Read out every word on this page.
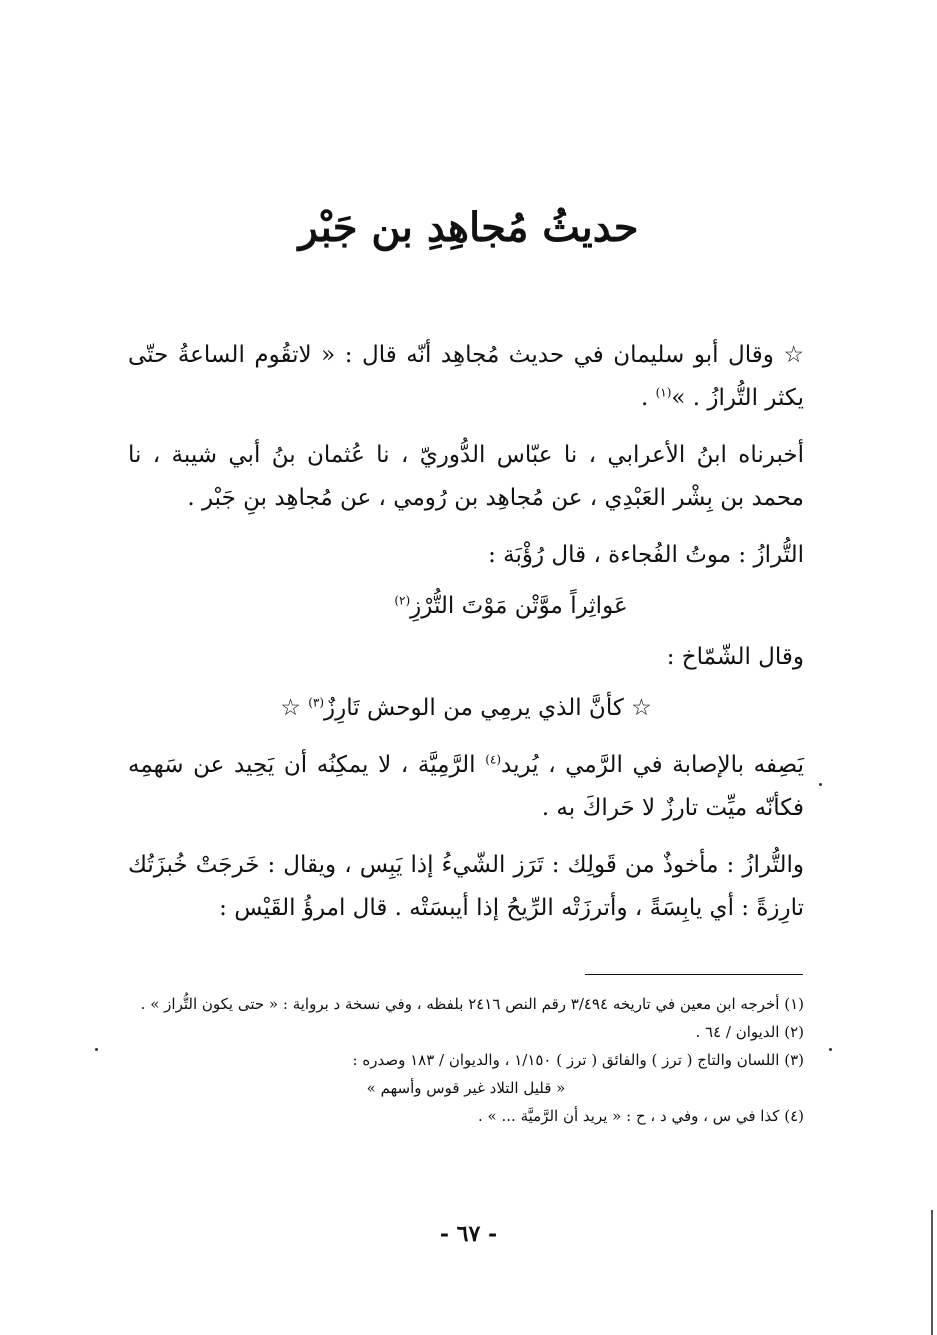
حديثُ مُجاهِدِ بن جَبْر

☆ وقال أبو سليمان في حديث مُجاهِد أنّه قال : « لاتقُوم الساعةُ حتّى يكثر التُّرازُ . »$^{(١)}$ .

أخبرناه ابنُ الأعرابي ، نا عبّاس الدُّوريّ ، نا عُثمان بنُ أبي شيبة ، نا محمد بن بِشْر العَبْدِي ، عن مُجاهِد بن رُومي ، عن مُجاهِد بنِ جَبْر .

التُّرازُ : موتُ الفُجاءة ، قال رُؤْبَة :

عَواثِراً موَّتْن مَوْتَ التُّرْزِ$^{(٢)}$

وقال الشّمّاخ :

☆ كأنَّ الذي يرمِي من الوحش تَارِزٌ$^{(٣)}$ ☆

يَصِفه بالإصابة في الرَّمي ، يُريد$^{(٤)}$ الرَّمِيَّة ، لا يمكِنُه أن يَحِيد عن سَهمِه فكأنّه ميِّت تارزٌ لا حَراكَ به .

والتُّرازُ : مأخوذٌ من قَولِك : تَرَز الشّيءُ إذا يَبِس ، ويقال : خَرجَتْ خُبزَتُك تارِزةً : أي يابِسَةً ، وأترزَتْه الرِّيحُ إذا أيبسَتْه . قال امرؤُ القَيْس :

(١) أخرجه ابن معين في تاريخه ٣/٤٩٤ رقم النص ٢٤١٦ بلفظه ، وفي نسخة د برواية : « حتى يكون التُّراز » .

(٢) الديوان / ٦٤ .

(٣) اللسان والتاج ( ترز ) والفائق ( ترز ) ١/١٥٠ ، والديوان / ١٨٣ وصدره :

« قليل التلاد غير قوس وأسهم »

(٤) كذا في س ، وفي د ، ح : « يريد أن الرَّميَّة ... » .

- ٦٧ -
